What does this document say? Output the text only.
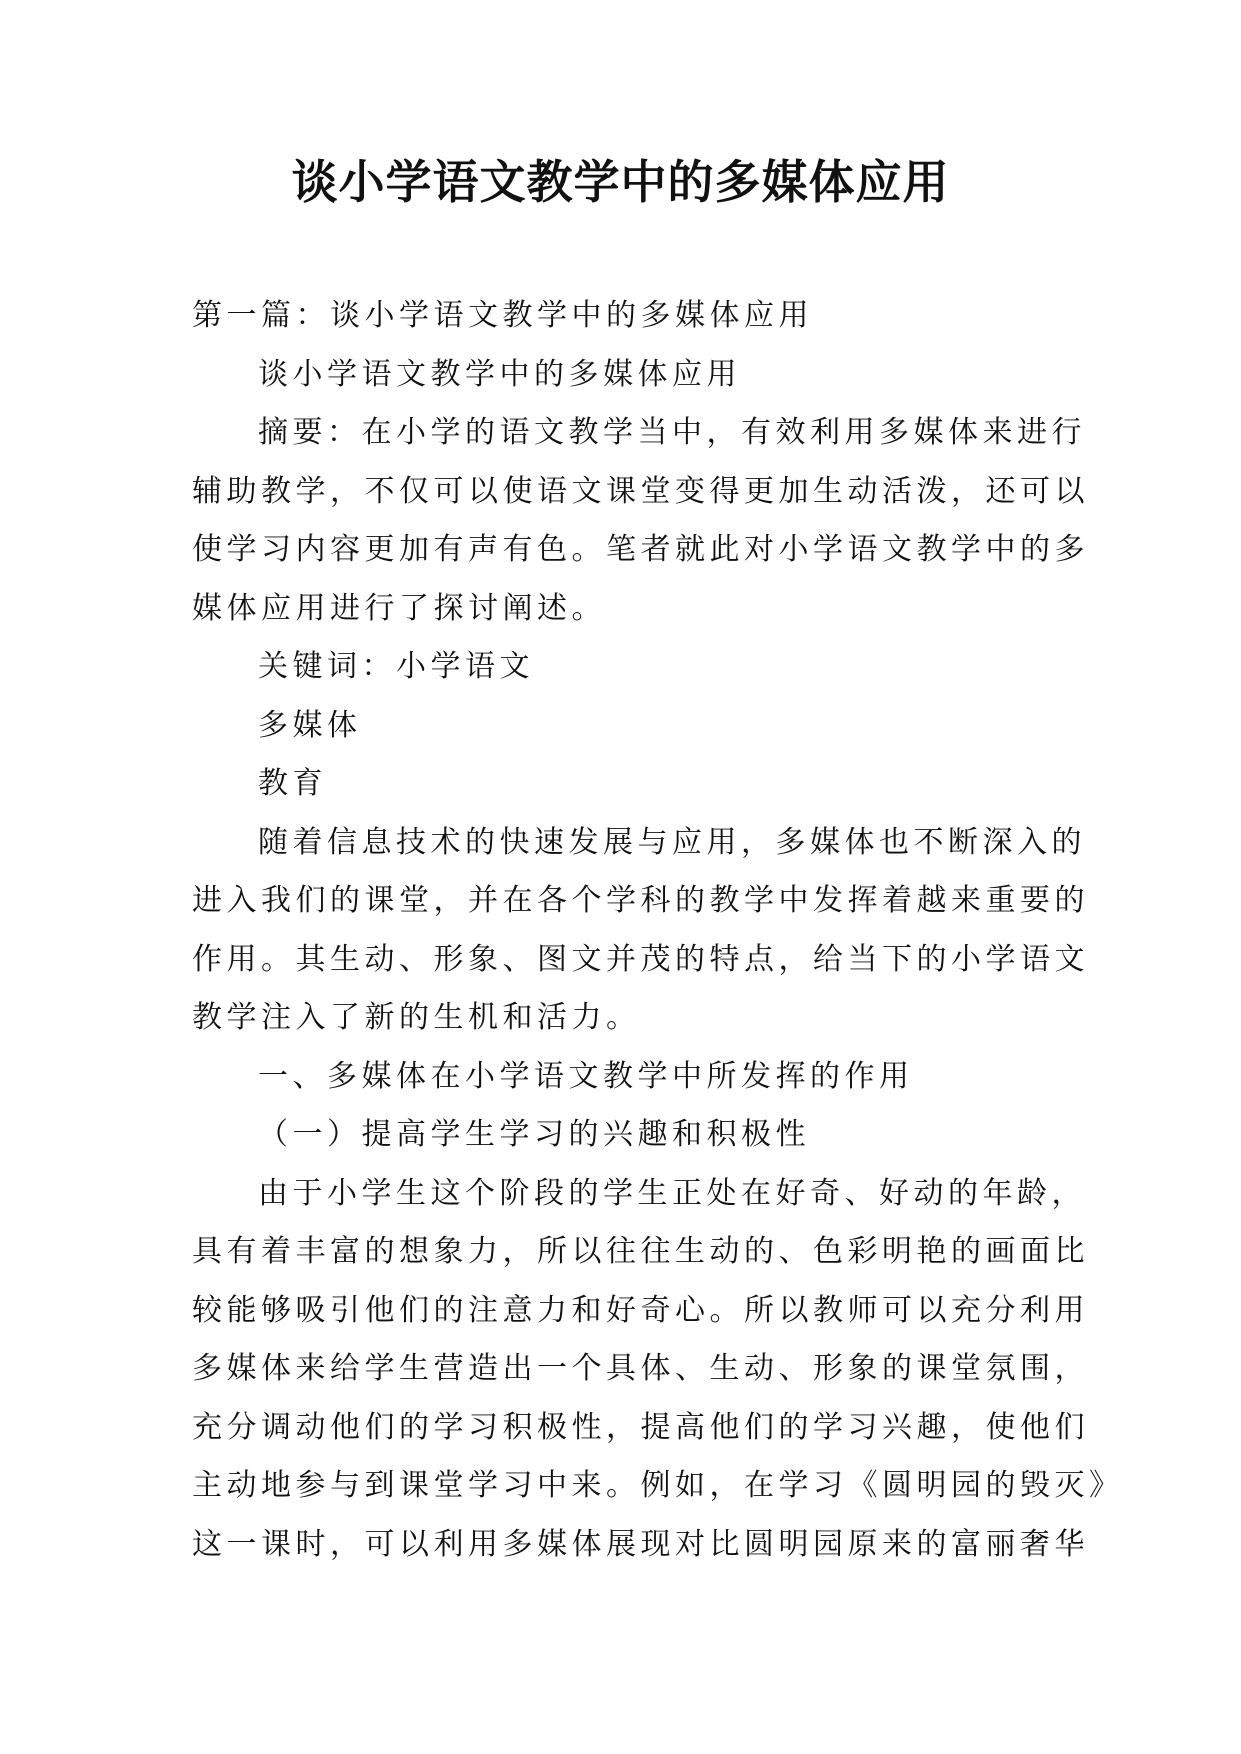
谈小学语文教学中的多媒体应用
第一篇：谈小学语文教学中的多媒体应用
谈小学语文教学中的多媒体应用
摘要：在小学的语文教学当中，有效利用多媒体来进行
辅助教学，不仅可以使语文课堂变得更加生动活泼，还可以
使学习内容更加有声有色。笔者就此对小学语文教学中的多
媒体应用进行了探讨阐述。
关键词：小学语文
多媒体
教育
随着信息技术的快速发展与应用，多媒体也不断深入的
进入我们的课堂，并在各个学科的教学中发挥着越来重要的
作用。其生动、形象、图文并茂的特点，给当下的小学语文
教学注入了新的生机和活力。
一、多媒体在小学语文教学中所发挥的作用
（一）提高学生学习的兴趣和积极性
由于小学生这个阶段的学生正处在好奇、好动的年龄，
具有着丰富的想象力，所以往往生动的、色彩明艳的画面比
较能够吸引他们的注意力和好奇心。所以教师可以充分利用
多媒体来给学生营造出一个具体、生动、形象的课堂氛围，
充分调动他们的学习积极性，提高他们的学习兴趣，使他们
主动地参与到课堂学习中来。例如，在学习《圆明园的毁灭》
这一课时，可以利用多媒体展现对比圆明园原来的富丽奢华
